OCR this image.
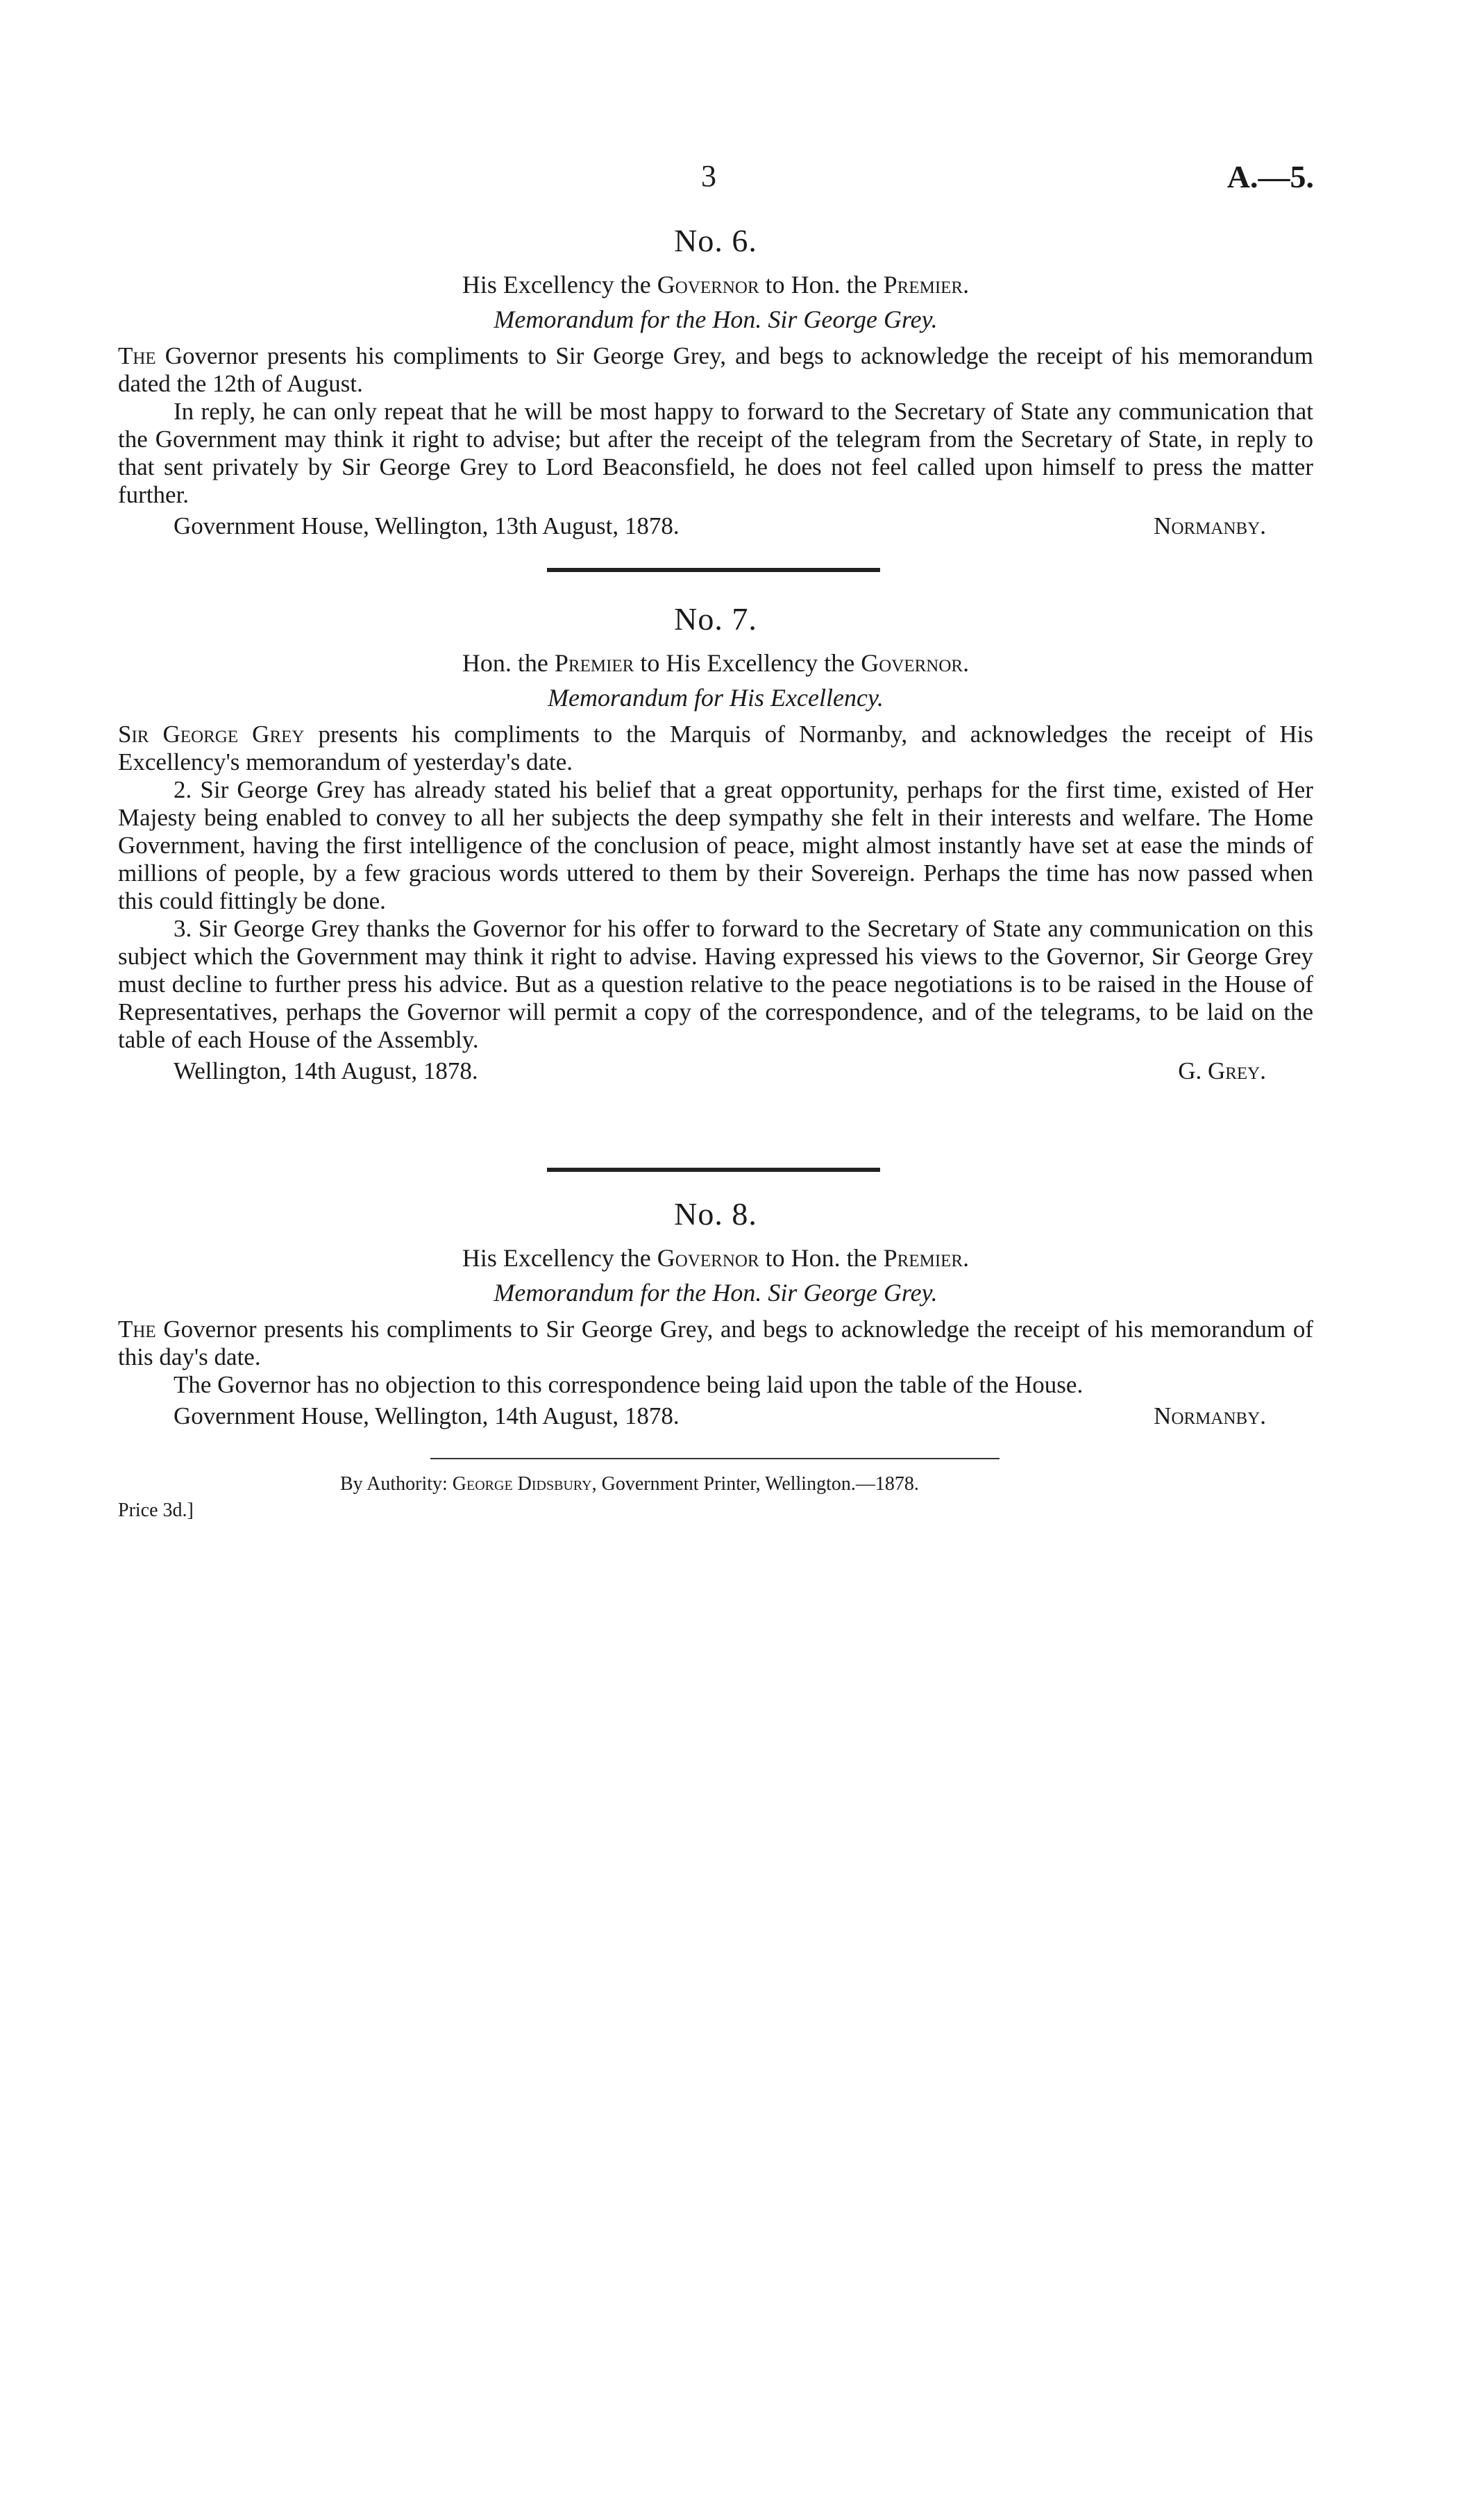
3	A.—5.
No. 6.
His Excellency the Governor to Hon. the Premier.
Memorandum for the Hon. Sir George Grey.

The Governor presents his compliments to Sir George Grey, and begs to acknowledge the receipt of his memorandum dated the 12th of August.

In reply, he can only repeat that he will be most happy to forward to the Secretary of State any communication that the Government may think it right to advise; but after the receipt of the telegram from the Secretary of State, in reply to that sent privately by Sir George Grey to Lord Beaconsfield, he does not feel called upon himself to press the matter further.

Government House, Wellington, 13th August, 1878.	Normanby.
No. 7.
Hon. the Premier to His Excellency the Governor.
Memorandum for His Excellency.

Sir George Grey presents his compliments to the Marquis of Normanby, and acknowledges the receipt of His Excellency's memorandum of yesterday's date.

2. Sir George Grey has already stated his belief that a great opportunity, perhaps for the first time, existed of Her Majesty being enabled to convey to all her subjects the deep sympathy she felt in their interests and welfare. The Home Government, having the first intelligence of the conclusion of peace, might almost instantly have set at ease the minds of millions of people, by a few gracious words uttered to them by their Sovereign. Perhaps the time has now passed when this could fittingly be done.

3. Sir George Grey thanks the Governor for his offer to forward to the Secretary of State any communication on this subject which the Government may think it right to advise. Having expressed his views to the Governor, Sir George Grey must decline to further press his advice. But as a question relative to the peace negotiations is to be raised in the House of Representatives, perhaps the Governor will permit a copy of the correspondence, and of the telegrams, to be laid on the table of each House of the Assembly.

Wellington, 14th August, 1878.	G. Grey.
No. 8.
His Excellency the Governor to Hon. the Premier.
Memorandum for the Hon. Sir George Grey.

The Governor presents his compliments to Sir George Grey, and begs to acknowledge the receipt of his memorandum of this day's date.

The Governor has no objection to this correspondence being laid upon the table of the House.

Government House, Wellington, 14th August, 1878.	Normanby.
By Authority: George Didsbury, Government Printer, Wellington.—1878.
Price 3d.]
